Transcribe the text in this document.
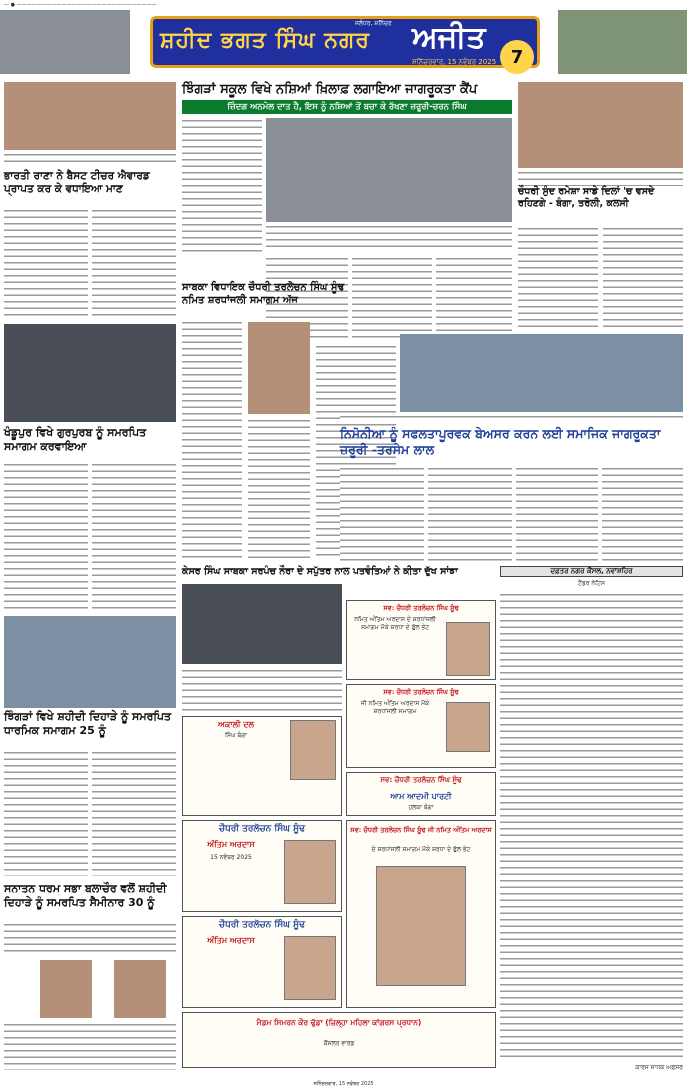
— ● ————————————————————————————
ਸ਼ਹੀਦ ਭਗਤ ਸਿੰਘ ਨਗਰ
ਜਲੰਧਰ, ਸ਼ਨਿੱਚਰ ਅਜੀਤ
ਸ਼ਨਿੱਚਰਵਾਰ, 15 ਨਵੰਬਰ 2025 7
ਭਾਰਤੀ ਰਾਣਾ ਨੇ ਬੈਸਟ ਟੀਚਰ ਐਵਾਰਡ ਪ੍ਰਾਪਤ ਕਰ ਕੇ ਵਧਾਇਆ ਮਾਣ
ਖੰਡੂਪੁਰ ਵਿਖੇ ਗੁਰਪੁਰਬ ਨੂੰ ਸਮਰਪਿਤ ਸਮਾਗਮ ਕਰਵਾਇਆ
ਝਿੰਗੜਾਂ ਵਿਖੇ ਸ਼ਹੀਦੀ ਦਿਹਾੜੇ ਨੂੰ ਸਮਰਪਿਤ ਧਾਰਮਿਕ ਸਮਾਗਮ 25 ਨੂੰ
ਸਨਾਤਨ ਧਰਮ ਸਭਾ ਬਲਾਚੌਰ ਵਲੋਂ ਸ਼ਹੀਦੀ ਦਿਹਾੜੇ ਨੂੰ ਸਮਰਪਿਤ ਸੈਮੀਨਾਰ 30 ਨੂੰ
ਝਿੰਗੜਾਂ ਸਕੂਲ ਵਿਖੇ ਨਸ਼ਿਆਂ ਖ਼ਿਲਾਫ਼ ਲਗਾਇਆ ਜਾਗਰੂਕਤਾ ਕੈਂਪ
ਜ਼ਿੰਦਗ ਅਨਮੋਲ ਦਾਤ ਹੈ, ਇਸ ਨੂੰ ਨਸ਼ਿਆਂ ਤੋਂ ਬਚਾ ਕੇ ਰੱਖਣਾ ਜ਼ਰੂਰੀ-ਚਰਨ ਸਿੰਘ
ਸਾਬਕਾ ਵਿਧਾਇਕ ਚੌਧਰੀ ਤਰਲੋਚਨ ਸਿੰਘ ਸੂੰਢ ਨਮਿਤ ਸ਼ਰਧਾਂਜਲੀ ਸਮਾਗਮ ਅੱਜ
ਚੌਧਰੀ ਸੁੰਦ ਰਮੇਸ਼ਾ ਸਾਡੇ ਦਿਲਾਂ 'ਚ ਵਸਦੇ ਰਹਿਣਗੇ - ਬੰਗਾ, ਤਰੋਲੀ, ਕਲਸੀ
ਨਿਮੋਨੀਆ ਨੂੰ ਸਫਲਤਾਪੂਰਵਕ ਬੇਅਸਰ ਕਰਨ ਲਈ ਸਮਾਜਿਕ ਜਾਗਰੂਕਤਾ ਜ਼ਰੂਰੀ -ਤਰਸੇਮ ਲਾਲ
ਕੇਸਰ ਸਿੰਘ ਸਾਬਕਾ ਸਰਪੰਚ ਨੌਰਾ ਦੇ ਸਪੁੱਤਰ ਨਾਲ ਪਤਵੰਤਿਆਂ ਨੇ ਕੀਤਾ ਦੁੱਖ ਸਾਂਝਾ	ਦਫ਼ਤਰ ਨਗਰ ਕੌਂਸਲ, ਨਵਾਂਸ਼ਹਿਰ
ਟੈਂਡਰ ਨੋਟਿਸ
ਕਾਰਜ ਸਾਧਕ ਅਫ਼ਸਰ
ਸਵ: ਚੌਧਰੀ ਤਰਲੋਚਨ ਸਿੰਘ ਸੂੰਢ
ਨਮਿਤ ਅੰਤਿਮ ਅਰਦਾਸ ਦੇ ਸ਼ਰਧਾਂਜਲੀ ਸਮਾਗਮ ਮੌਕੇ ਸ਼ਰਧਾ ਦੇ ਫੁੱਲ ਭੇਟ
ਸਵ: ਚੌਧਰੀ ਤਰਲੋਚਨ ਸਿੰਘ ਸੂੰਢ
ਜੀ ਨਮਿਤ ਅੰਤਿਮ ਅਰਦਾਸ ਮੌਕੇ ਸ਼ਰਧਾਂਜਲੀ ਸਮਾਗਮ
ਸਵ: ਚੌਧਰੀ ਤਰਲੋਚਨ ਸਿੰਘ ਸੂੰਢ
ਆਮ ਆਦਮੀ ਪਾਰਟੀ
ਹਲਕਾ ਬੰਗਾ
ਅਕਾਲੀ ਦਲ
ਸਿੰਘ ਬੰਗਾ
ਚੌਧਰੀ ਤਰਲੋਚਨ ਸਿੰਘ ਸੂੰਢ
ਅੰਤਿਮ ਅਰਦਾਸ
15 ਨਵੰਬਰ 2025
ਚੌਧਰੀ ਤਰਲੋਚਨ ਸਿੰਘ ਸੂੰਢ
ਅੰਤਿਮ ਅਰਦਾਸ
ਸਵ: ਚੌਧਰੀ ਤਰਲੋਚਨ ਸਿੰਘ ਸੂੰਢ ਜੀ ਨਮਿਤ ਅੰਤਿਮ ਅਰਦਾਸ
ਦੇ ਸ਼ਰਧਾਂਜਲੀ ਸਮਾਗਮ ਮੌਕੇ ਸ਼ਰਧਾ ਦੇ ਫੁੱਲ ਭੇਟ
ਮੈਡਮ ਸਿਮਰਨ ਕੌਰ ਢੁੱਡਾ (ਜ਼ਿਲ੍ਹਾ ਮਹਿਲਾ ਕਾਂਗਰਸ ਪ੍ਰਧਾਨ)
ਕੌਂਸਲਰ ਵਾਰਡ
ਸ਼ਨਿੱਚਰਵਾਰ, 15 ਨਵੰਬਰ 2025
